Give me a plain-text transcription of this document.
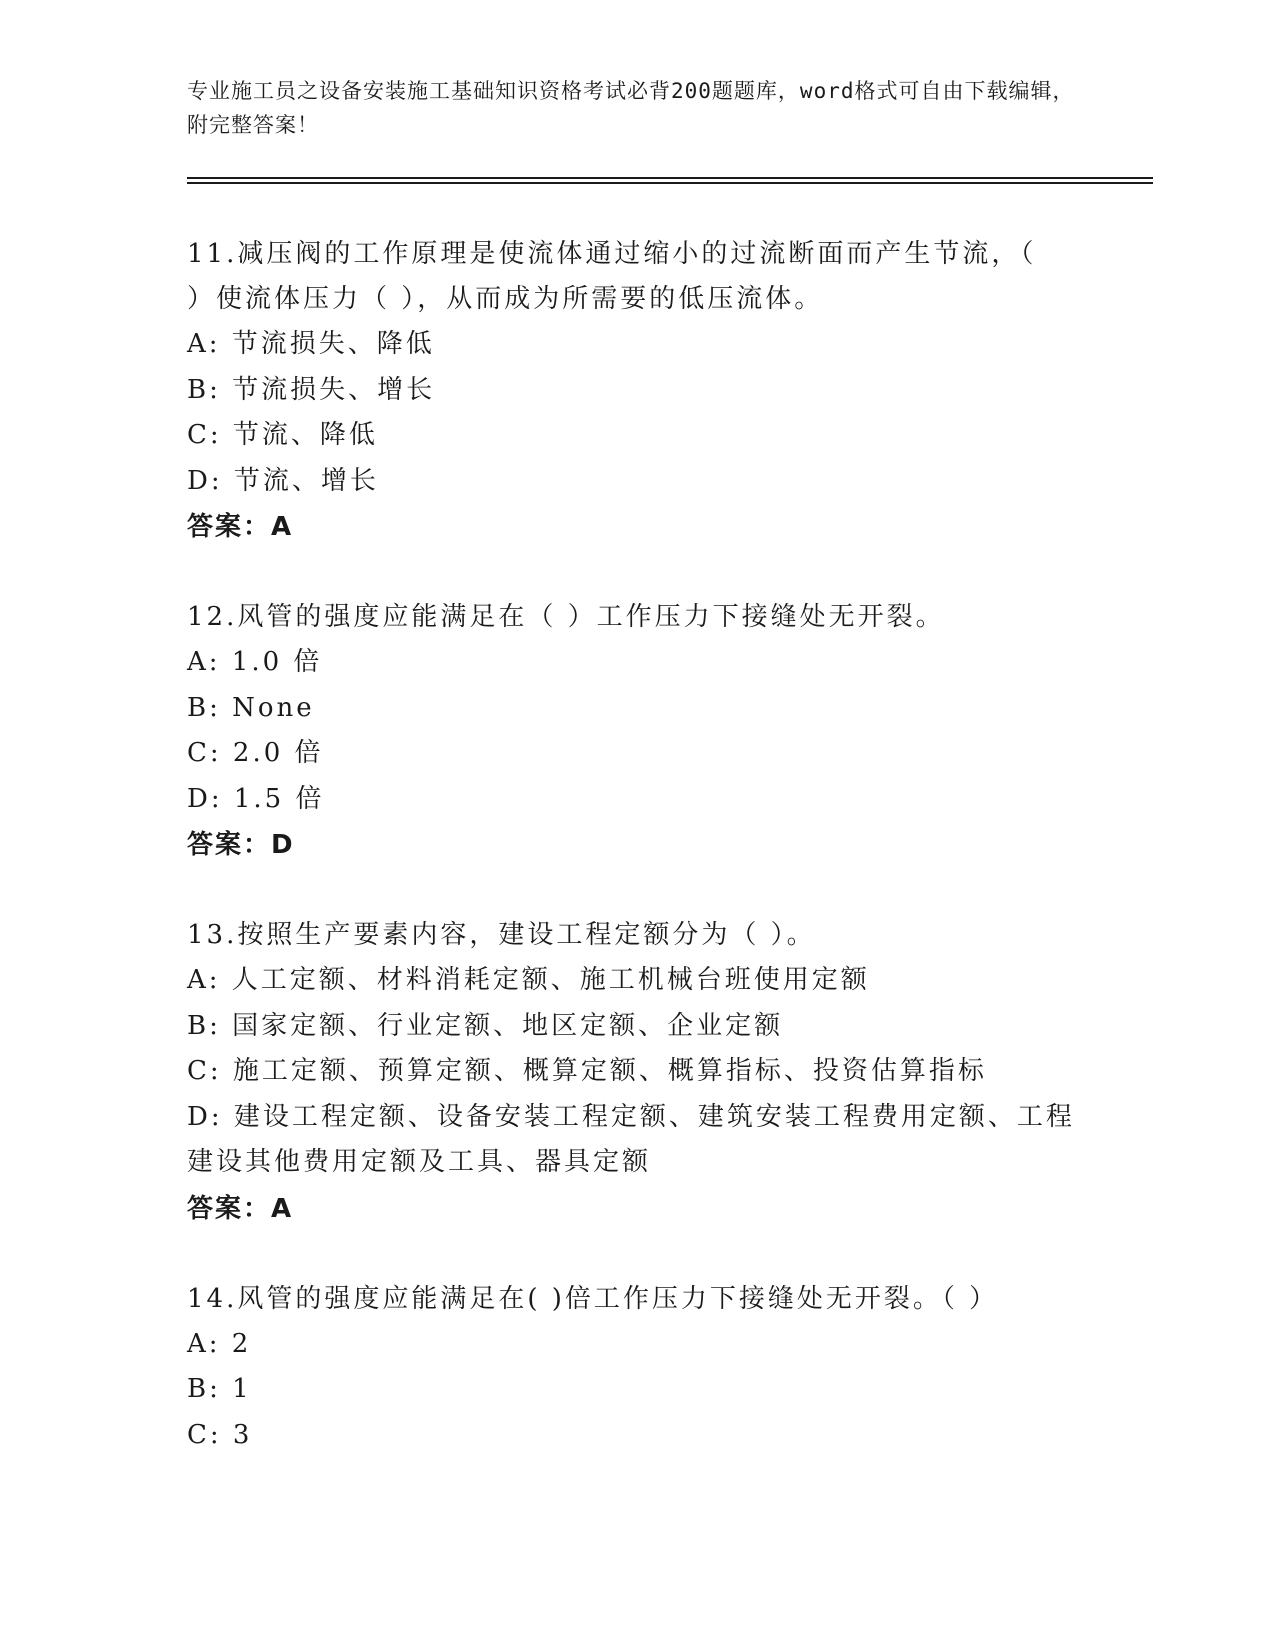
专业施工员之设备安装施工基础知识资格考试必背200题题库，word格式可自由下载编辑，附完整答案！
11.减压阀的工作原理是使流体通过缩小的过流断面而产生节流，（
）使流体压力（ ），从而成为所需要的低压流体。
A: 节流损失、降低
B: 节流损失、增长
C: 节流、降低
D: 节流、增长
答案：A
12.风管的强度应能满足在（ ）工作压力下接缝处无开裂。
A: 1.0 倍
B: None
C: 2.0 倍
D: 1.5 倍
答案：D
13.按照生产要素内容，建设工程定额分为（ ）。
A: 人工定额、材料消耗定额、施工机械台班使用定额
B: 国家定额、行业定额、地区定额、企业定额
C: 施工定额、预算定额、概算定额、概算指标、投资估算指标
D: 建设工程定额、设备安装工程定额、建筑安装工程费用定额、工程
建设其他费用定额及工具、器具定额
答案：A
14.风管的强度应能满足在( )倍工作压力下接缝处无开裂。（ ）
A: 2
B: 1
C: 3
